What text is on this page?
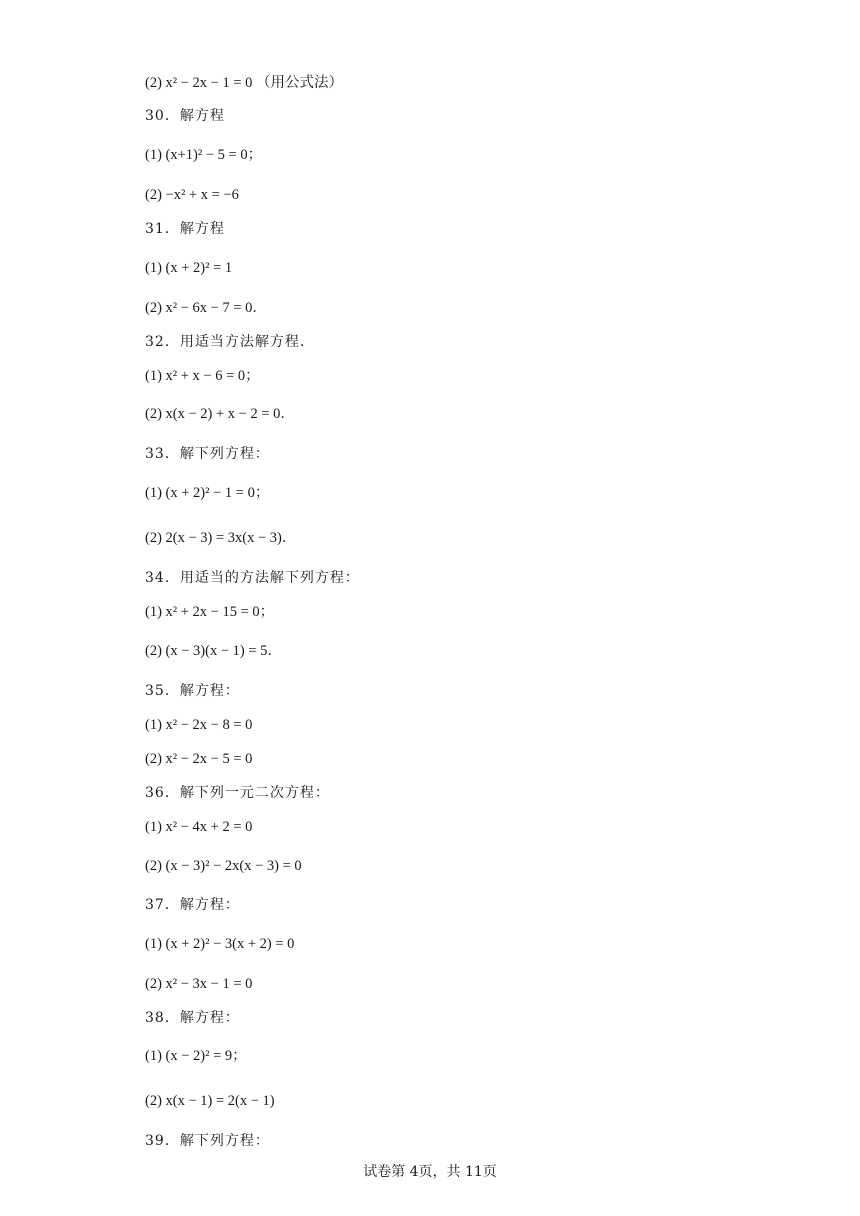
(2) x² − 2x − 1 = 0 （用公式法）
30．解方程
(1) (x+1)² − 5 = 0；
(2) −x² + x = −6
31．解方程
(1) (x + 2)² = 1
(2) x² − 6x − 7 = 0．
32．用适当方法解方程．
(1) x² + x − 6 = 0；
(2) x(x − 2) + x − 2 = 0．
33．解下列方程：
(1) (x + 2)² − 1 = 0；
(2) 2(x − 3) = 3x(x − 3)．
34．用适当的方法解下列方程：
(1) x² + 2x − 15 = 0；
(2) (x − 3)(x − 1) = 5．
35．解方程：
(1) x² − 2x − 8 = 0
(2) x² − 2x − 5 = 0
36．解下列一元二次方程：
(1) x² − 4x + 2 = 0
(2) (x − 3)² − 2x(x − 3) = 0
37．解方程：
(1) (x + 2)² − 3(x + 2) = 0
(2) x² − 3x − 1 = 0
38．解方程：
(1) (x − 2)² = 9；
(2) x(x − 1) = 2(x − 1)
39．解下列方程：
试卷第 4页，共 11页
